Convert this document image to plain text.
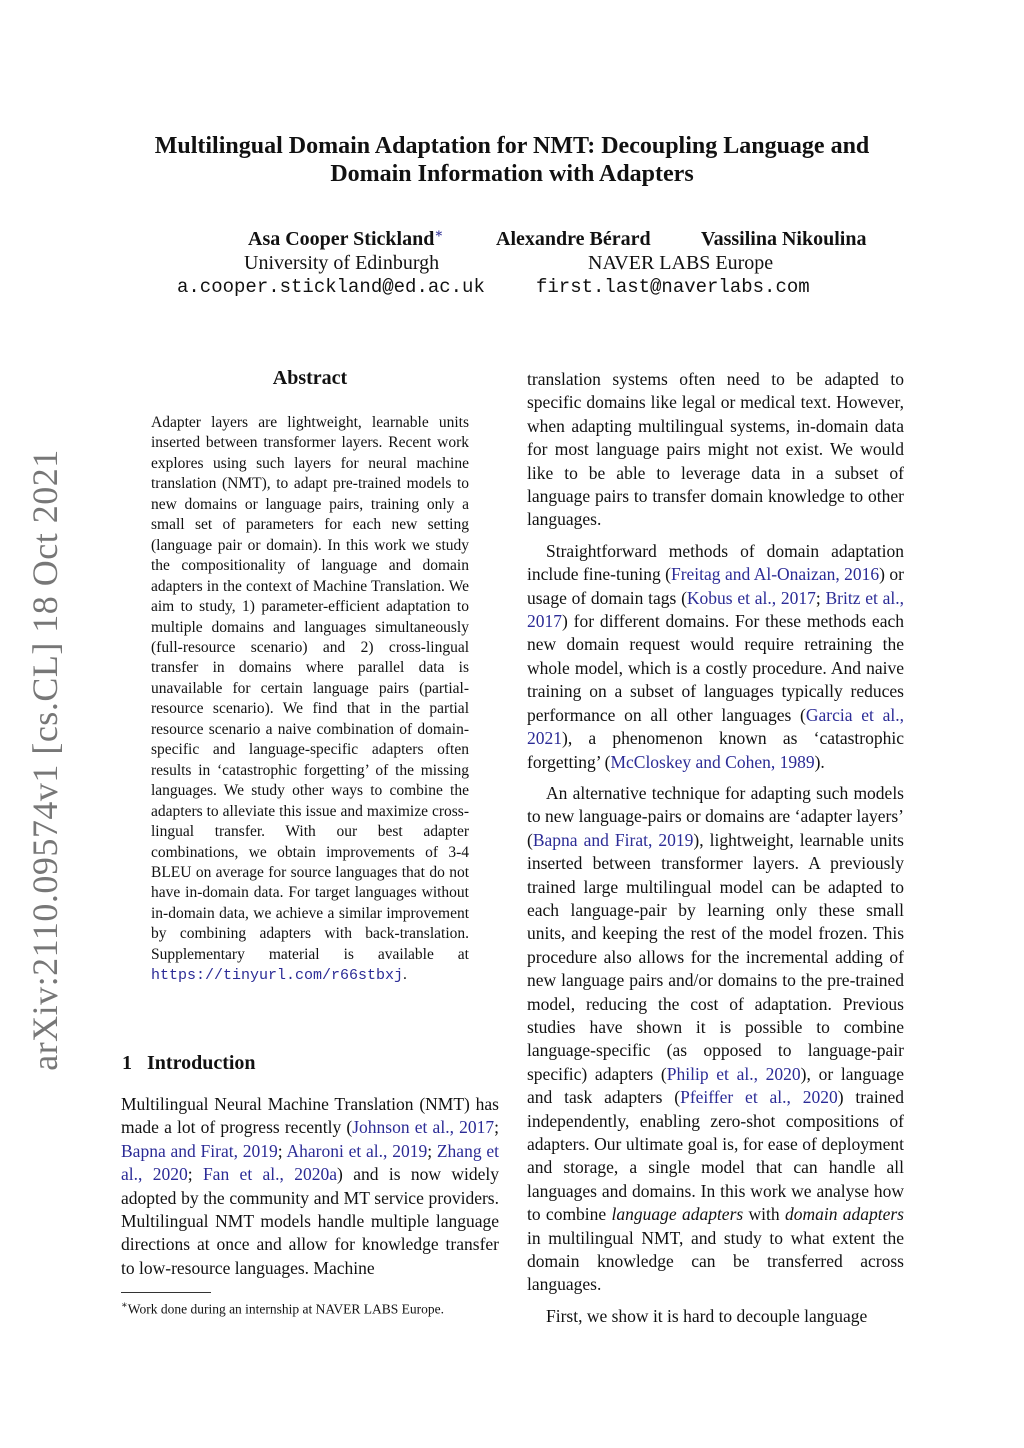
arXiv:2110.09574v1 [cs.CL] 18 Oct 2021
Multilingual Domain Adaptation for NMT: Decoupling Language and
Domain Information with Adapters
Asa Cooper Stickland∗	Alexandre Bérard	Vassilina Nikoulina
University of Edinburgh	NAVER LABS Europe
a.cooper.stickland@ed.ac.uk	first.last@naverlabs.com
Abstract
Adapter layers are lightweight, learnable units inserted between transformer layers. Recent work explores using such layers for neural machine translation (NMT), to adapt pre-trained models to new domains or language pairs, training only a small set of parameters for each new setting (language pair or domain). In this work we study the compositionality of language and domain adapters in the context of Machine Translation. We aim to study, 1) parameter-efficient adaptation to multiple domains and languages simultaneously (full-resource scenario) and 2) cross-lingual transfer in domains where parallel data is unavailable for certain language pairs (partial-resource scenario). We find that in the partial resource scenario a naive combination of domain-specific and language-specific adapters often results in ‘catastrophic forgetting’ of the missing languages. We study other ways to combine the adapters to alleviate this issue and maximize cross-lingual transfer. With our best adapter combinations, we obtain improvements of 3-4 BLEU on average for source languages that do not have in-domain data. For target languages without in-domain data, we achieve a similar improvement by combining adapters with back-translation. Supplementary material is available at https://tinyurl.com/r66stbxj.
1 Introduction

Multilingual Neural Machine Translation (NMT) has made a lot of progress recently (Johnson et al., 2017; Bapna and Firat, 2019; Aharoni et al., 2019; Zhang et al., 2020; Fan et al., 2020a) and is now widely adopted by the community and MT service providers. Multilingual NMT models handle multiple language directions at once and allow for knowledge transfer to low-resource languages. Machine

translation systems often need to be adapted to specific domains like legal or medical text. However, when adapting multilingual systems, in-domain data for most language pairs might not exist. We would like to be able to leverage data in a subset of language pairs to transfer domain knowledge to other languages.

Straightforward methods of domain adaptation include fine-tuning (Freitag and Al-Onaizan, 2016) or usage of domain tags (Kobus et al., 2017; Britz et al., 2017) for different domains. For these methods each new domain request would require retraining the whole model, which is a costly procedure. And naive training on a subset of languages typically reduces performance on all other languages (Garcia et al., 2021), a phenomenon known as ‘catastrophic forgetting’ (McCloskey and Cohen, 1989).

An alternative technique for adapting such models to new language-pairs or domains are ‘adapter layers’ (Bapna and Firat, 2019), lightweight, learnable units inserted between transformer layers. A previously trained large multilingual model can be adapted to each language-pair by learning only these small units, and keeping the rest of the model frozen. This procedure also allows for the incremental adding of new language pairs and/or domains to the pre-trained model, reducing the cost of adaptation. Previous studies have shown it is possible to combine language-specific (as opposed to language-pair specific) adapters (Philip et al., 2020), or language and task adapters (Pfeiffer et al., 2020) trained independently, enabling zero-shot compositions of adapters. Our ultimate goal is, for ease of deployment and storage, a single model that can handle all languages and domains. In this work we analyse how to combine language adapters with domain adapters in multilingual NMT, and study to what extent the domain knowledge can be transferred across languages.

First, we show it is hard to decouple language

∗Work done during an internship at NAVER LABS Europe.
